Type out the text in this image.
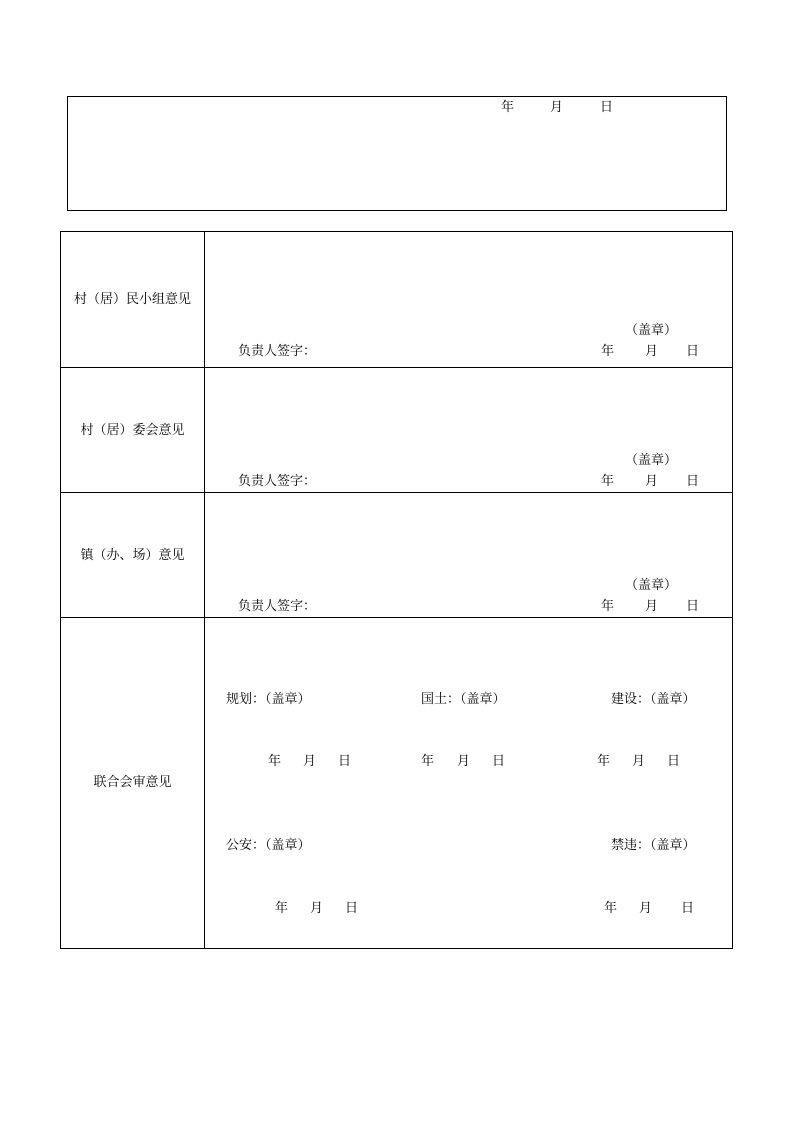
年	月	日
村（居）民小组意见
（盖章）
负责人签字：	年 月 日
村（居）委会意见
（盖章）
负责人签字：	年 月 日
镇（办、场）意见
（盖章）
负责人签字：	年 月 日
联合会审意见
规划：（盖章）	国土：（盖章）	建设：（盖章）
年 月 日	年 月 日	年 月 日
公安：（盖章）	禁违：（盖章）
年 月 日	年 月 日
